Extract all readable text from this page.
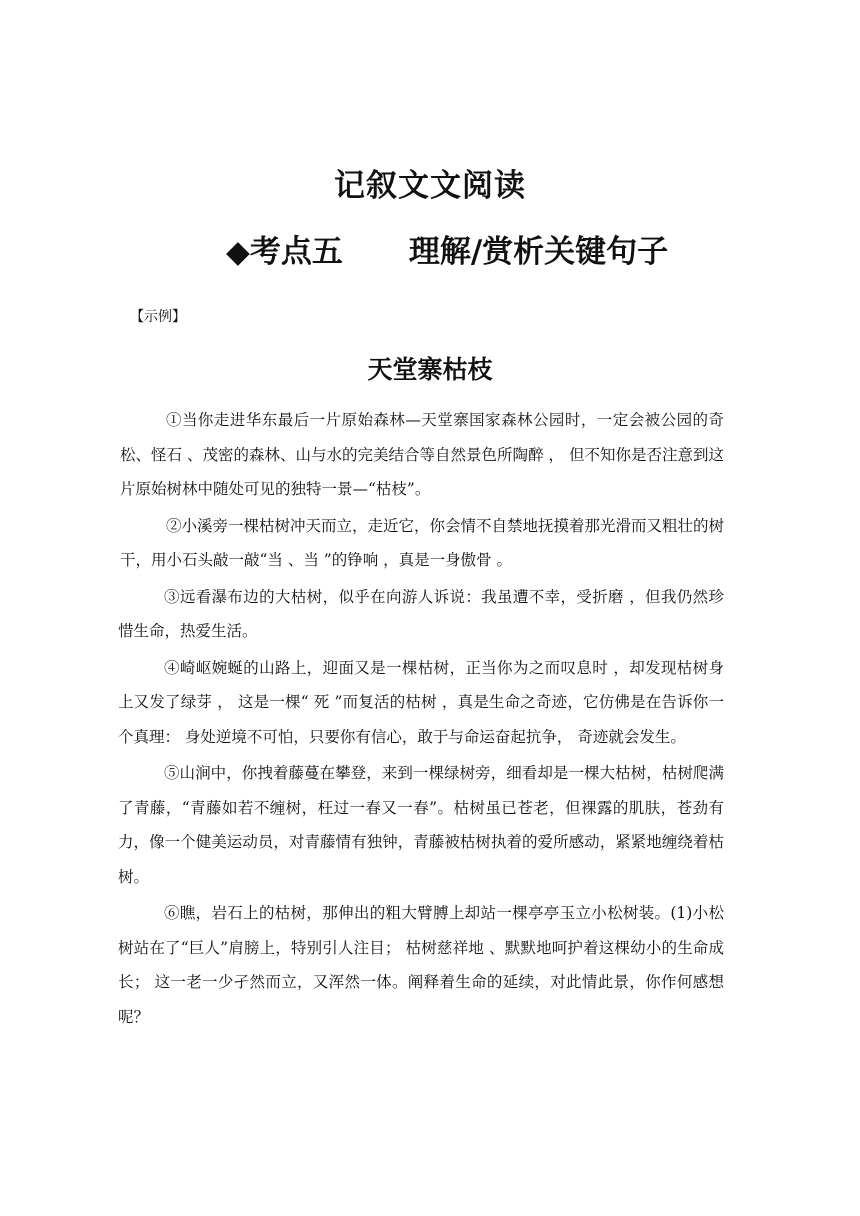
记叙文文阅读
◆考点五 理解/赏析关键句子
【示例】
天堂寨枯枝

①当你走进华东最后一片原始森林—天堂寨国家森林公园时，一定会被公园的奇松、怪石 、茂密的森林、山与水的完美结合等自然景色所陶醉 ， 但不知你是否注意到这片原始树林中随处可见的独特一景—“枯枝”。

②小溪旁一棵枯树冲天而立，走近它，你会情不自禁地抚摸着那光滑而又粗壮的树干，用小石头敲一敲“当 、当 ”的铮响 ，真是一身傲骨 。

③远看瀑布边的大枯树，似乎在向游人诉说：我虽遭不幸，受折磨 ，但我仍然珍惜生命，热爱生活。

④崎岖婉蜒的山路上，迎面又是一棵枯树，正当你为之而叹息时 ，却发现枯树身上又发了绿芽 ， 这是一棵“ 死 ”而复活的枯树 ，真是生命之奇迹，它仿佛是在告诉你一个真理： 身处逆境不可怕，只要你有信心，敢于与命运奋起抗争， 奇迹就会发生。

⑤山涧中，你拽着藤蔓在攀登，来到一棵绿树旁，细看却是一棵大枯树，枯树爬满了青藤，“青藤如若不缠树，枉过一春又一春”。枯树虽已苍老，但裸露的肌肤，苍劲有力，像一个健美运动员，对青藤情有独钟，青藤被枯树执着的爱所感动，紧紧地缠绕着枯树。

⑥瞧，岩石上的枯树，那伸出的粗大臂膊上却站一棵亭亭玉立小松树装。(1)小松树站在了“巨人”肩膀上，特别引人注目； 枯树慈祥地 、默默地呵护着这棵幼小的生命成长； 这一老一少孑然而立，又浑然一体。阐释着生命的延续，对此情此景，你作何感想呢？
